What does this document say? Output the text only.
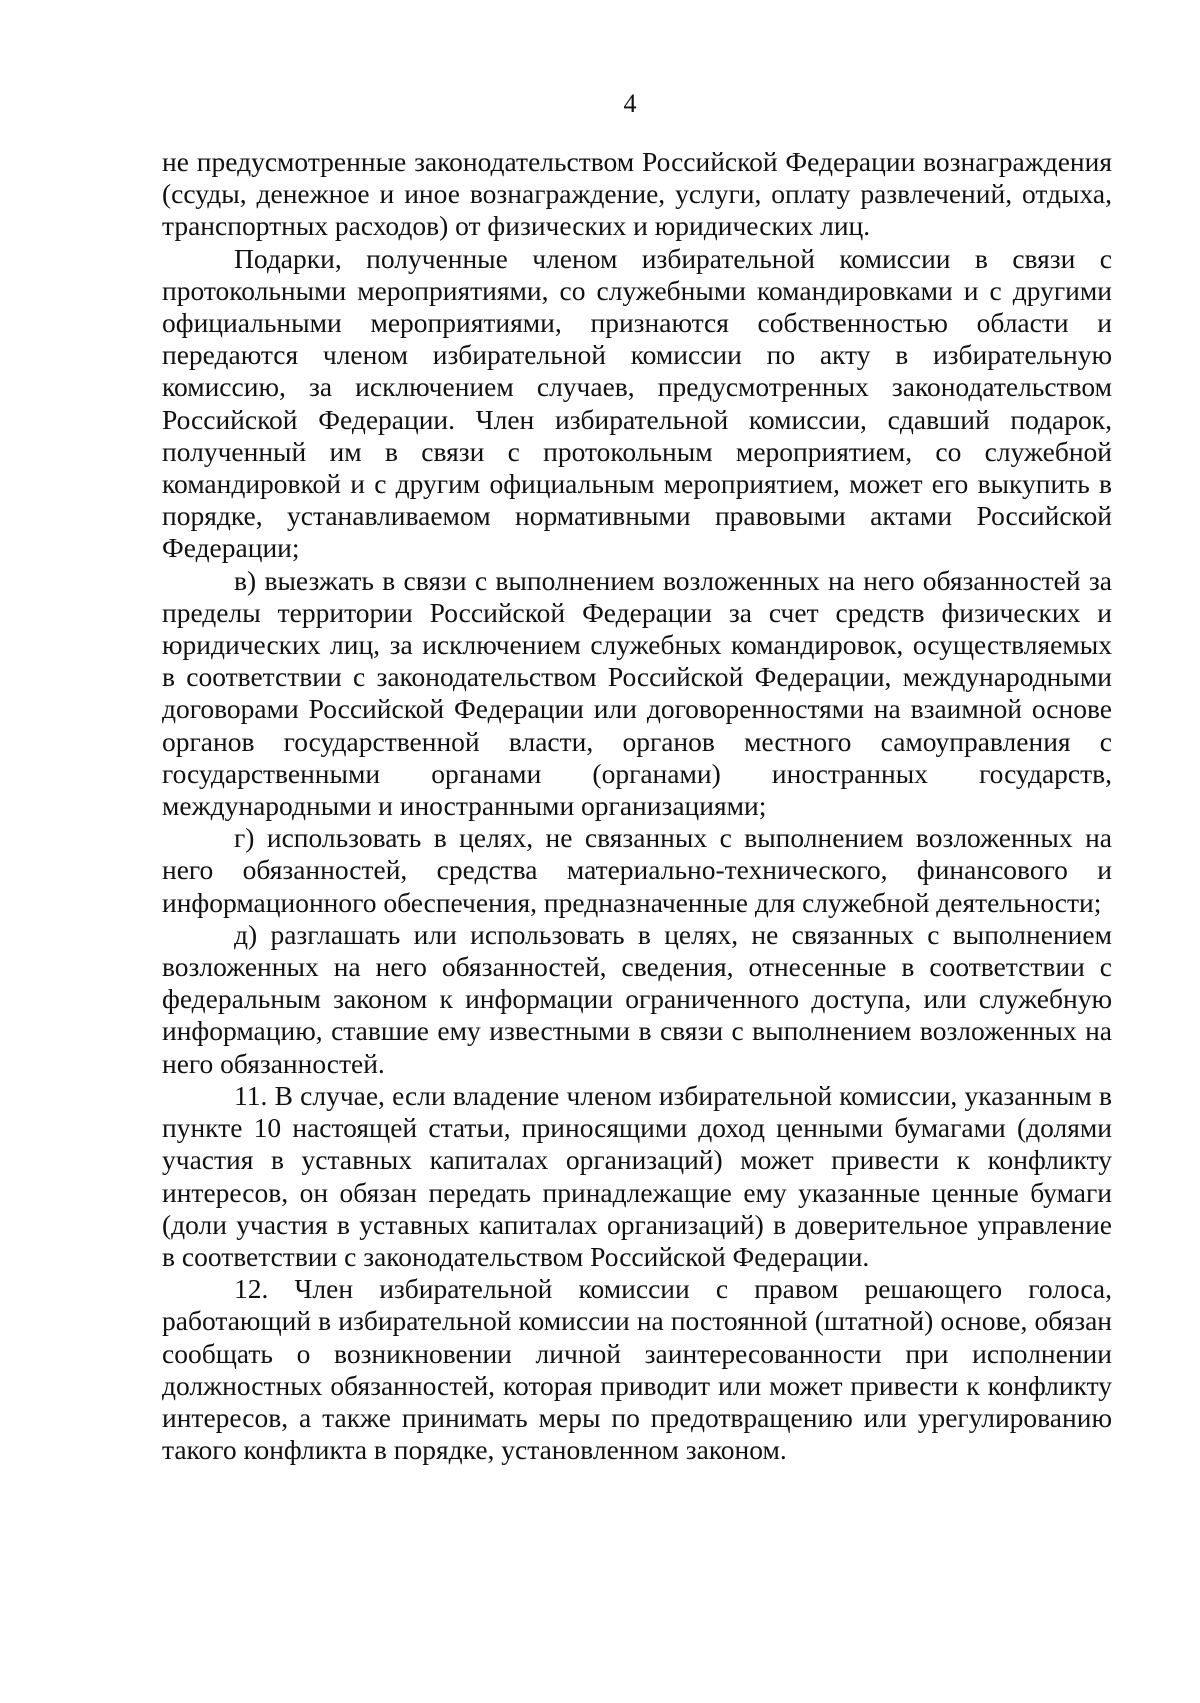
4

не предусмотренные законодательством Российской Федерации вознаграждения (ссуды, денежное и иное вознаграждение, услуги, оплату развлечений, отдыха, транспортных расходов) от физических и юридических лиц.

Подарки, полученные членом избирательной комиссии в связи с протокольными мероприятиями, со служебными командировками и с другими официальными мероприятиями, признаются собственностью области и передаются членом избирательной комиссии по акту в избирательную комиссию, за исключением случаев, предусмотренных законодательством Российской Федерации. Член избирательной комиссии, сдавший подарок, полученный им в связи с протокольным мероприятием, со служебной командировкой и с другим официальным мероприятием, может его выкупить в порядке, устанавливаемом нормативными правовыми актами Российской Федерации;

в) выезжать в связи с выполнением возложенных на него обязанностей за пределы территории Российской Федерации за счет средств физических и юридических лиц, за исключением служебных командировок, осуществляемых в соответствии с законодательством Российской Федерации, международными договорами Российской Федерации или договоренностями на взаимной основе органов государственной власти, органов местного самоуправления с государственными органами (органами) иностранных государств, международными и иностранными организациями;

г) использовать в целях, не связанных с выполнением возложенных на него обязанностей, средства материально-технического, финансового и информационного обеспечения, предназначенные для служебной деятельности;

д) разглашать или использовать в целях, не связанных с выполнением возложенных на него обязанностей, сведения, отнесенные в соответствии с федеральным законом к информации ограниченного доступа, или служебную информацию, ставшие ему известными в связи с выполнением возложенных на него обязанностей.

11. В случае, если владение членом избирательной комиссии, указанным в пункте 10 настоящей статьи, приносящими доход ценными бумагами (долями участия в уставных капиталах организаций) может привести к конфликту интересов, он обязан передать принадлежащие ему указанные ценные бумаги (доли участия в уставных капиталах организаций) в доверительное управление в соответствии с законодательством Российской Федерации.

12. Член избирательной комиссии с правом решающего голоса, работающий в избирательной комиссии на постоянной (штатной) основе, обязан сообщать о возникновении личной заинтересованности при исполнении должностных обязанностей, которая приводит или может привести к конфликту интересов, а также принимать меры по предотвращению или урегулированию такого конфликта в порядке, установленном законом.
